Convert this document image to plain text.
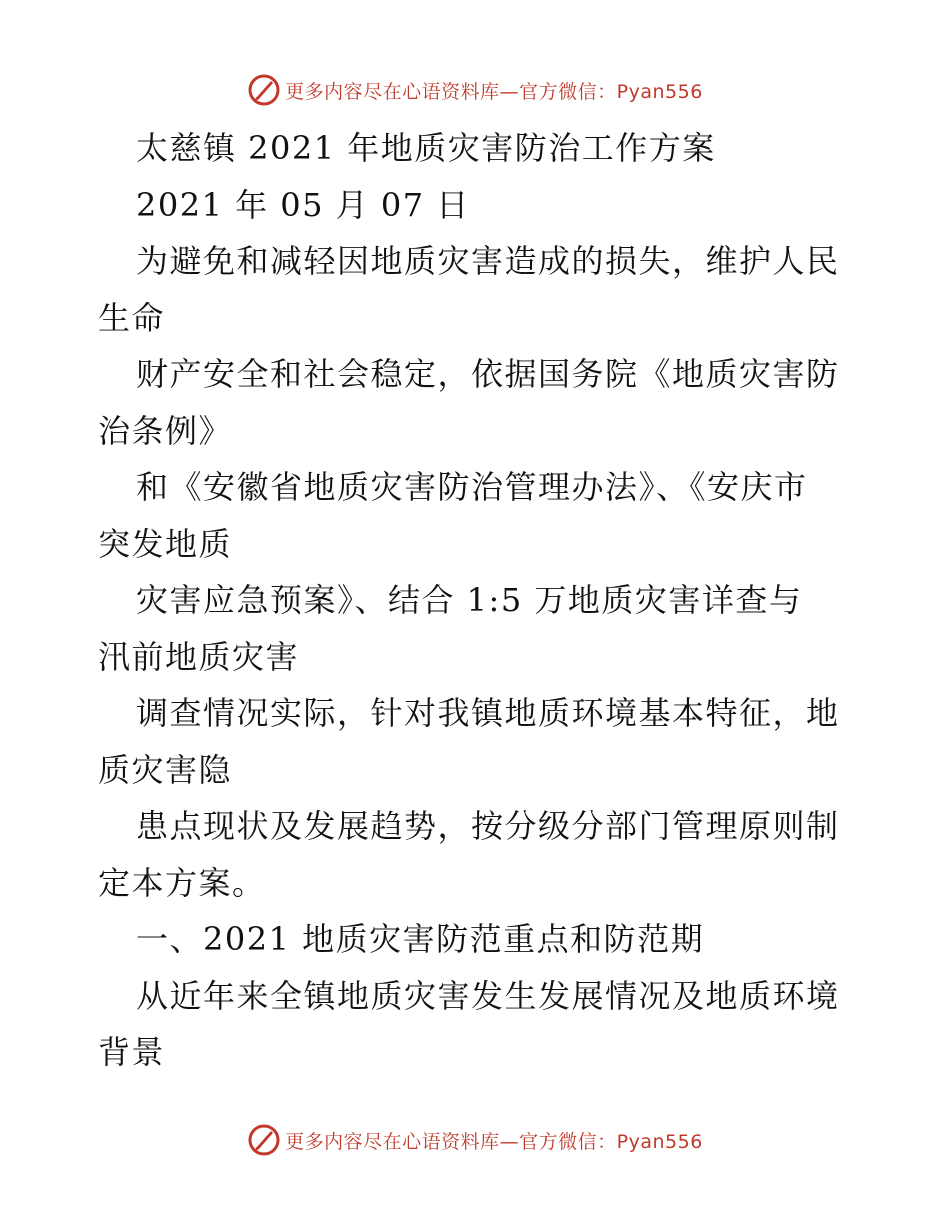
更多内容尽在心语资料库—官方微信：Pyan556
太慈镇 2021 年地质灾害防治工作方案
2021 年 05 月 07 日
为避免和减轻因地质灾害造成的损失，维护人民
生命
财产安全和社会稳定，依据国务院《地质灾害防
治条例》
和《安徽省地质灾害防治管理办法》、《安庆市
突发地质
灾害应急预案》、结合 1:5 万地质灾害详查与
汛前地质灾害
调查情况实际，针对我镇地质环境基本特征，地
质灾害隐
患点现状及发展趋势，按分级分部门管理原则制
定本方案。
一、2021 地质灾害防范重点和防范期
从近年来全镇地质灾害发生发展情况及地质环境
背景
更多内容尽在心语资料库—官方微信：Pyan556
